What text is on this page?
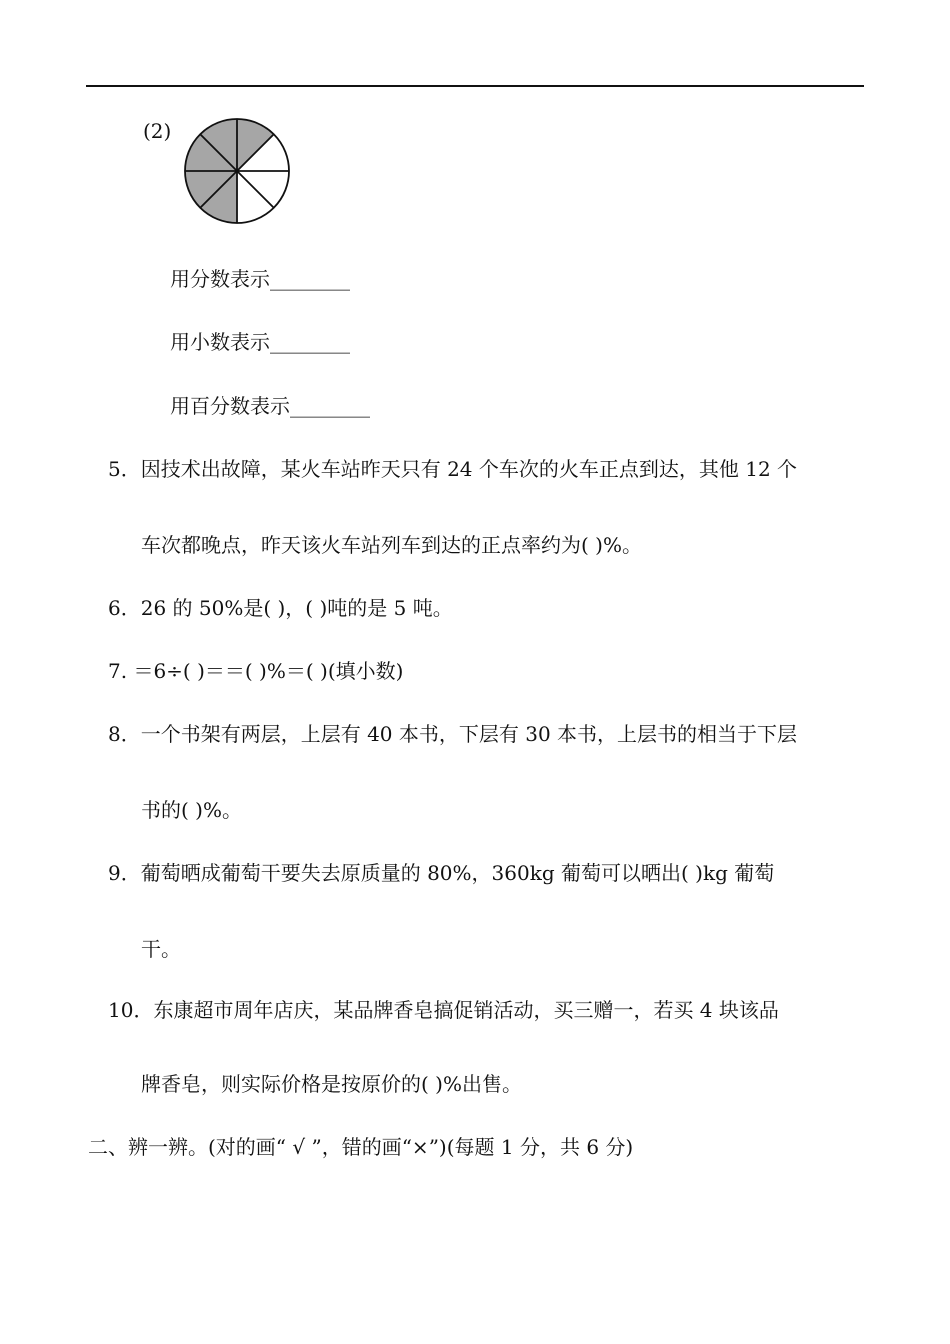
(2)
用分数表示________
用小数表示________
用百分数表示________
5．因技术出故障，某火车站昨天只有 24 个车次的火车正点到达，其他 12 个
车次都晚点，昨天该火车站列车到达的正点率约为( )%。
6．26 的 50%是( )，( )吨的是 5 吨。
7. ＝6÷( )＝＝( )%＝( )(填小数)
8．一个书架有两层，上层有 40 本书，下层有 30 本书，上层书的相当于下层
书的( )%。
9．葡萄晒成葡萄干要失去原质量的 80%，360kg 葡萄可以晒出( )kg 葡萄
干。
10．东康超市周年店庆，某品牌香皂搞促销活动，买三赠一，若买 4 块该品
牌香皂，则实际价格是按原价的( )%出售。
二、辨一辨。(对的画“ √ ”，错的画“×”)(每题 1 分，共 6 分)
